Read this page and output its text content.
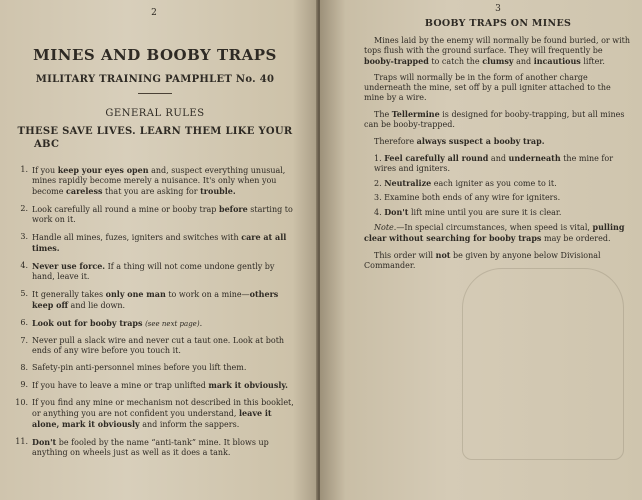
2
MINES AND BOOBY TRAPS
MILITARY TRAINING PAMPHLET No. 40
GENERAL RULES
THESE SAVE LIVES. LEARN THEM LIKE YOUR
ABC
1. If you keep your eyes open and, suspect everything unusual, mines rapidly become merely a nuisance. It's only when you become careless that you are asking for trouble.
2. Look carefully all round a mine or booby trap before starting to work on it.
3. Handle all mines, fuzes, igniters and switches with care at all times.
4. Never use force. If a thing will not come undone gently by hand, leave it.
5. It generally takes only one man to work on a mine—others keep off and lie down.
6. Look out for booby traps (see next page).
7. Never pull a slack wire and never cut a taut one. Look at both ends of any wire before you touch it.
8. Safety-pin anti-personnel mines before you lift them.
9. If you have to leave a mine or trap unlifted mark it obviously.
10. If you find any mine or mechanism not described in this booklet, or anything you are not confident you understand, leave it alone, mark it obviously and inform the sappers.
11. Don't be fooled by the name “anti-tank” mine. It blows up anything on wheels just as well as it does a tank.
3
BOOBY TRAPS ON MINES

Mines laid by the enemy will normally be found buried, or with tops flush with the ground surface. They will frequently be booby-trapped to catch the clumsy and incautious lifter.

Traps will normally be in the form of another charge underneath the mine, set off by a pull igniter attached to the mine by a wire.

The Tellermine is designed for booby-trapping, but all mines can be booby-trapped.

Therefore always suspect a booby trap.

1. Feel carefully all round and underneath the mine for wires and igniters.

2. Neutralize each igniter as you come to it.

3. Examine both ends of any wire for igniters.

4. Don't lift mine until you are sure it is clear.

Note.—In special circumstances, when speed is vital, pulling clear without searching for booby traps may be ordered.

This order will not be given by anyone below Divisional Commander.
